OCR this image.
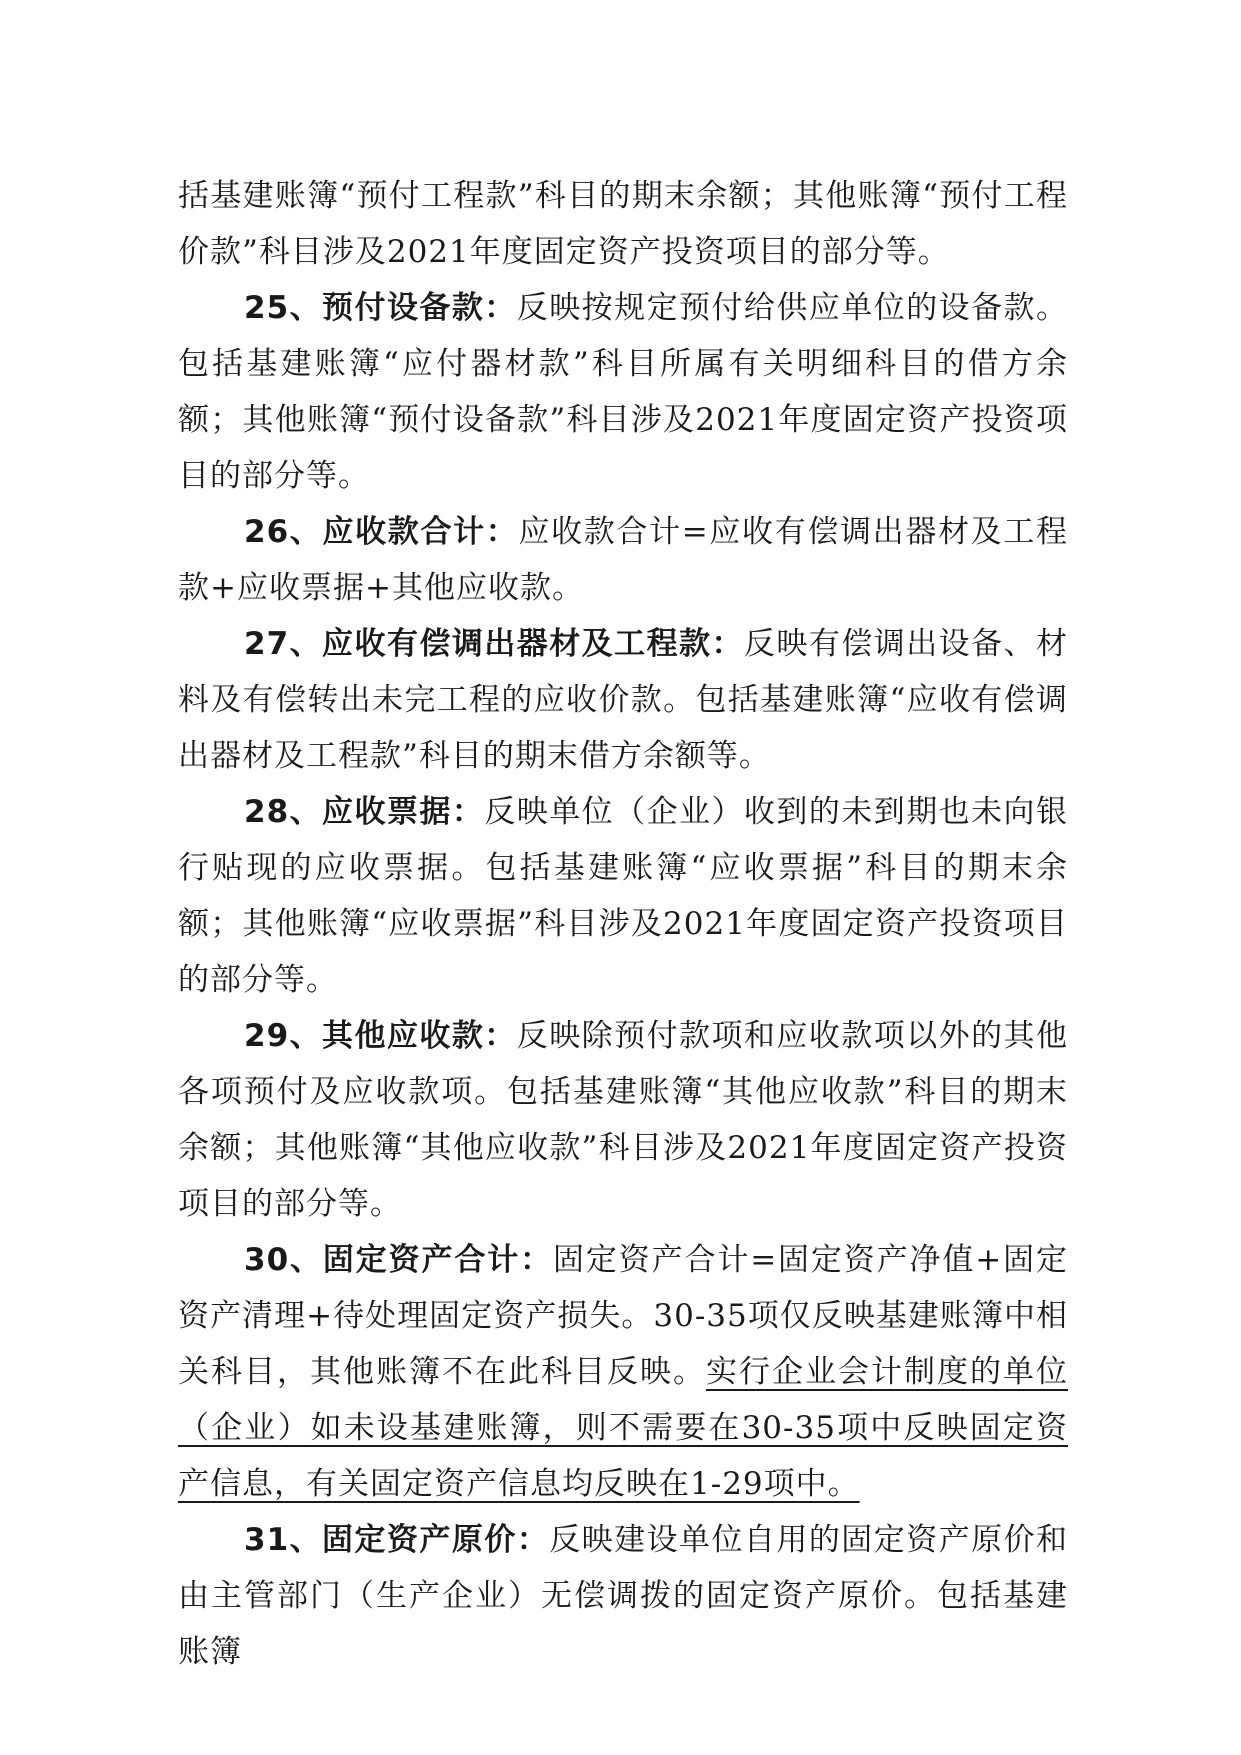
括基建账簿“预付工程款”科目的期末余额；其他账簿“预付工程价款”科目涉及2021年度固定资产投资项目的部分等。

25、预付设备款：反映按规定预付给供应单位的设备款。包括基建账簿“应付器材款”科目所属有关明细科目的借方余额；其他账簿“预付设备款”科目涉及2021年度固定资产投资项目的部分等。

26、应收款合计：应收款合计=应收有偿调出器材及工程款+应收票据+其他应收款。

27、应收有偿调出器材及工程款：反映有偿调出设备、材料及有偿转出未完工程的应收价款。包括基建账簿“应收有偿调出器材及工程款”科目的期末借方余额等。

28、应收票据：反映单位（企业）收到的未到期也未向银行贴现的应收票据。包括基建账簿“应收票据”科目的期末余额；其他账簿“应收票据”科目涉及2021年度固定资产投资项目的部分等。

29、其他应收款：反映除预付款项和应收款项以外的其他各项预付及应收款项。包括基建账簿“其他应收款”科目的期末余额；其他账簿“其他应收款”科目涉及2021年度固定资产投资项目的部分等。

30、固定资产合计：固定资产合计=固定资产净值+固定资产清理+待处理固定资产损失。30-35项仅反映基建账簿中相关科目，其他账簿不在此科目反映。实行企业会计制度的单位（企业）如未设基建账簿，则不需要在30-35项中反映固定资产信息，有关固定资产信息均反映在1-29项中。

31、固定资产原价：反映建设单位自用的固定资产原价和由主管部门（生产企业）无偿调拨的固定资产原价。包括基建账簿
